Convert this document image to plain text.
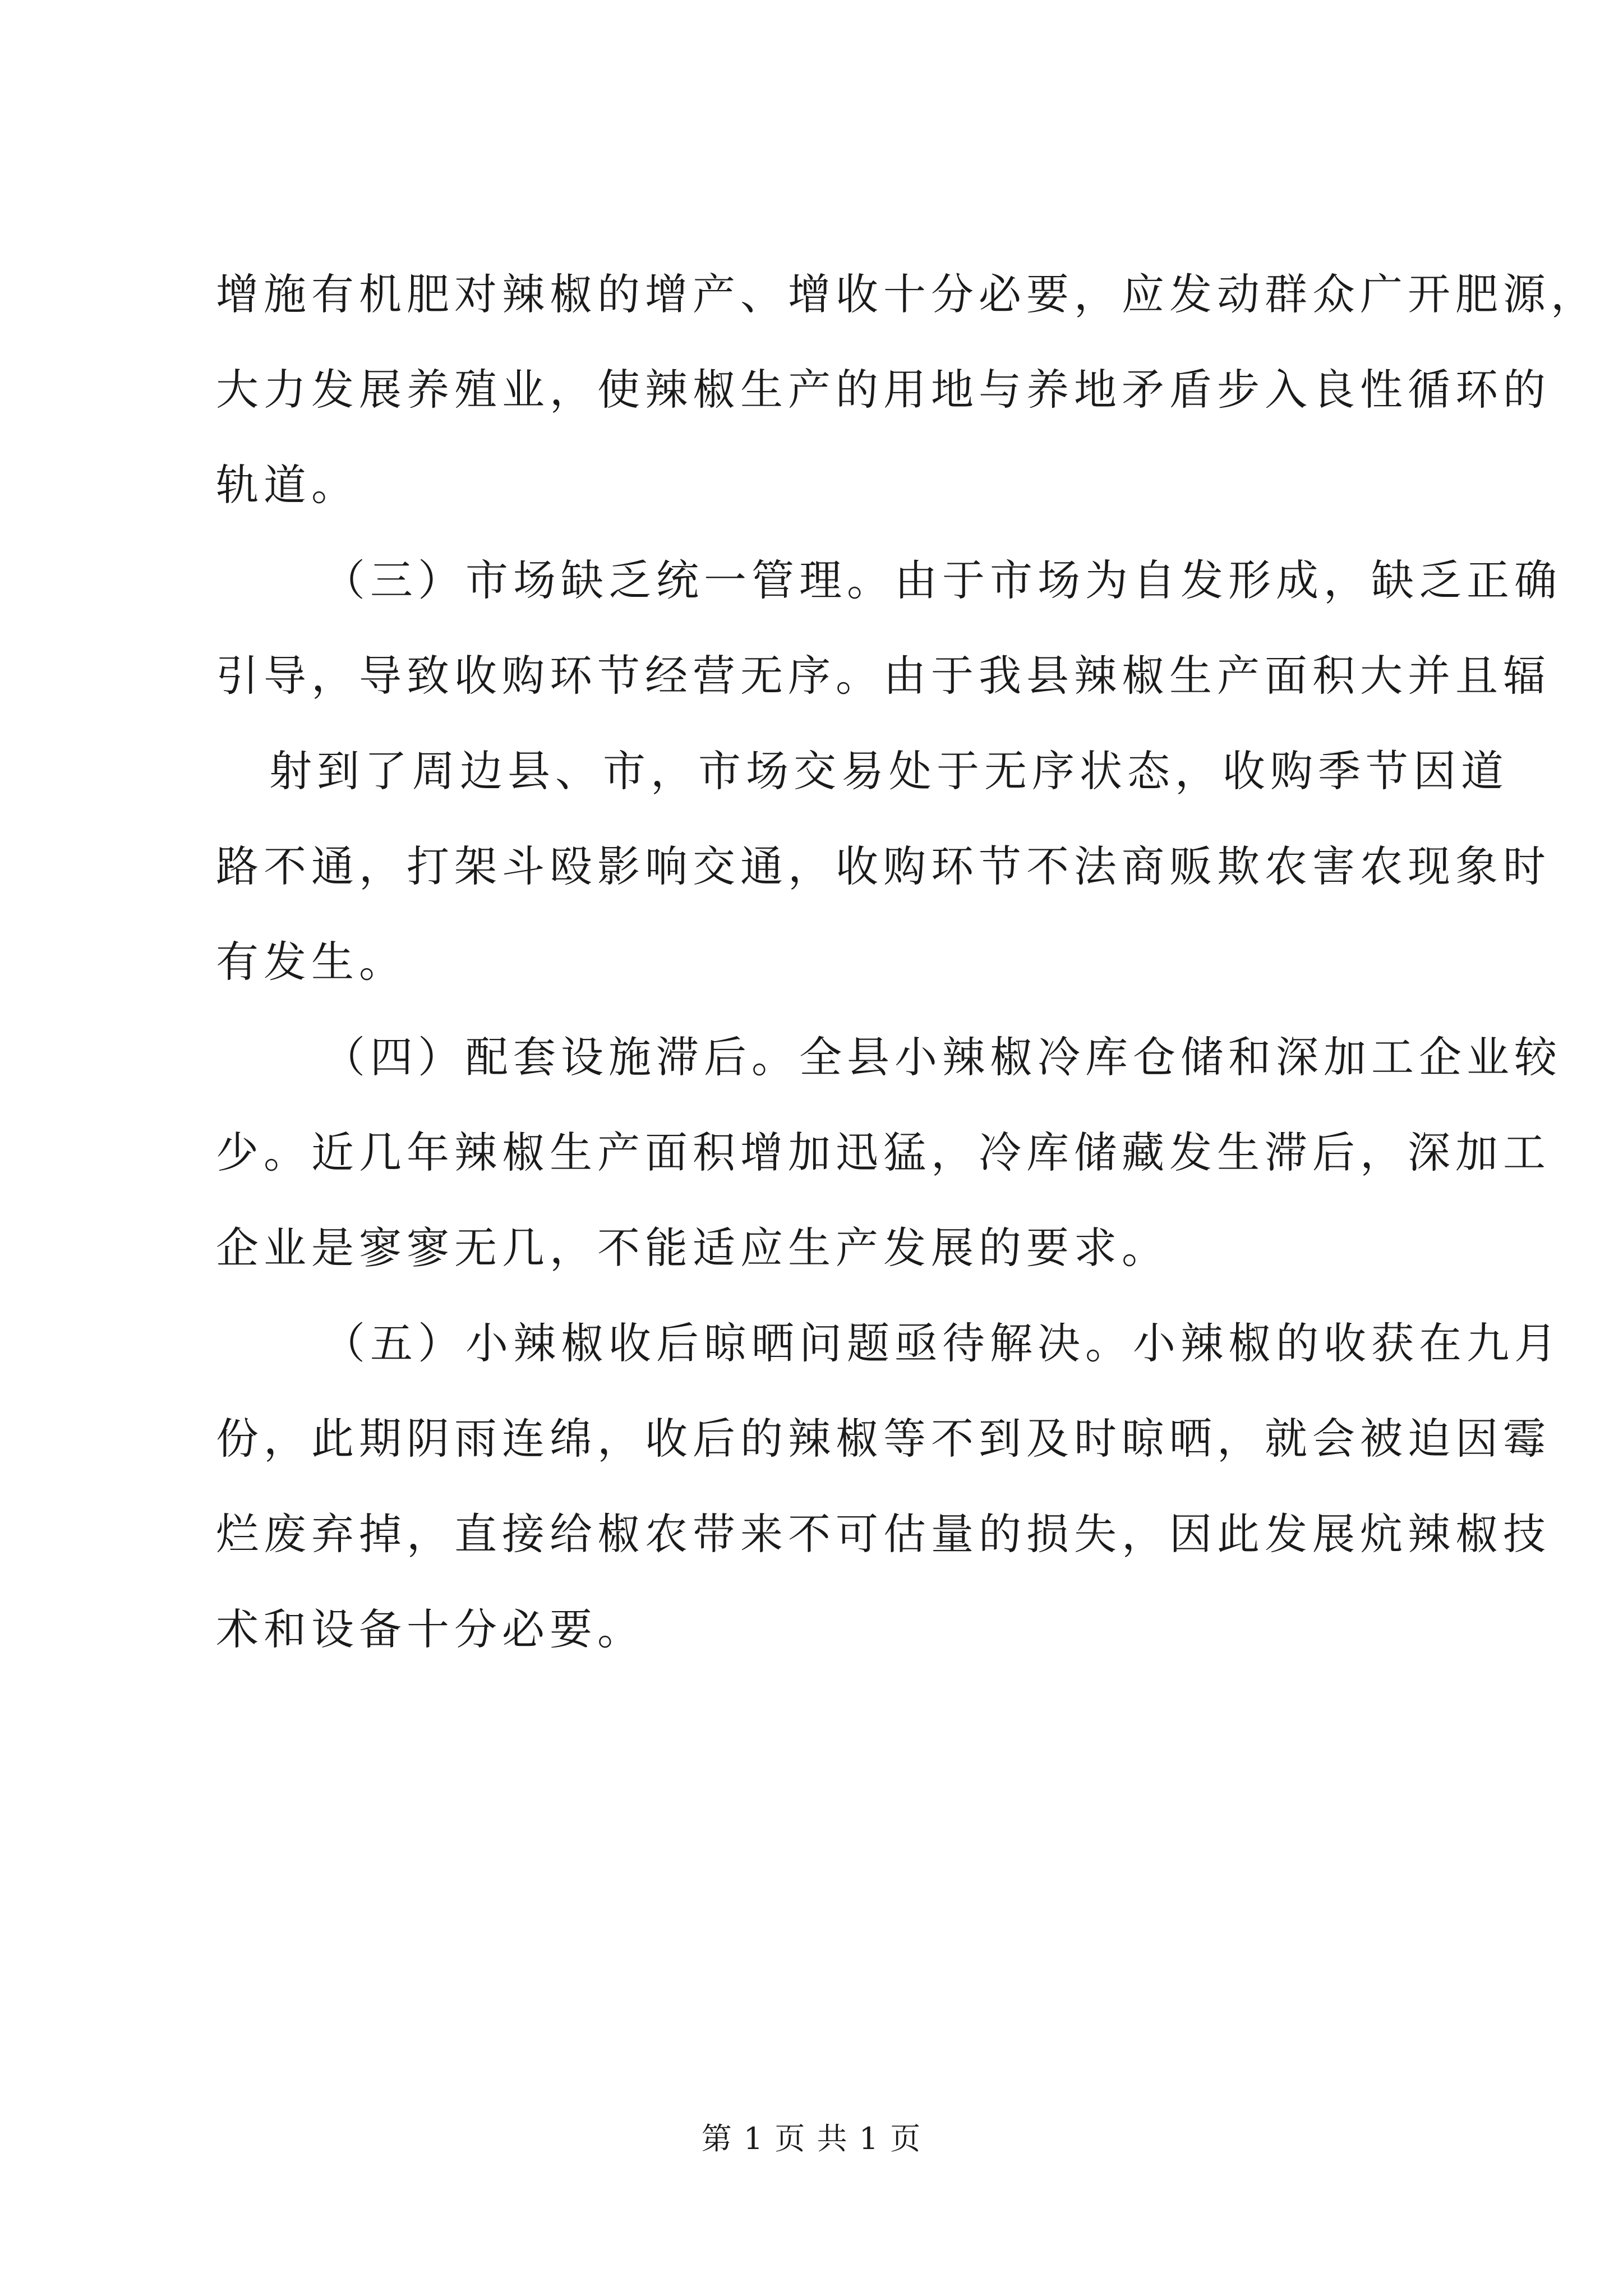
增施有机肥对辣椒的增产、增收十分必要，应发动群众广开肥源，
大力发展养殖业，使辣椒生产的用地与养地矛盾步入良性循环的
轨道。
（三）市场缺乏统一管理。由于市场为自发形成，缺乏正确
引导，导致收购环节经营无序。由于我县辣椒生产面积大并且辐
射到了周边县、市，市场交易处于无序状态，收购季节因道
路不通，打架斗殴影响交通，收购环节不法商贩欺农害农现象时
有发生。
（四）配套设施滞后。全县小辣椒冷库仓储和深加工企业较
少。近几年辣椒生产面积增加迅猛，冷库储藏发生滞后，深加工
企业是寥寥无几，不能适应生产发展的要求。
（五）小辣椒收后晾晒问题亟待解决。小辣椒的收获在九月
份，此期阴雨连绵，收后的辣椒等不到及时晾晒，就会被迫因霉
烂废弃掉，直接给椒农带来不可估量的损失，因此发展炕辣椒技
术和设备十分必要。
第 1 页 共 1 页
